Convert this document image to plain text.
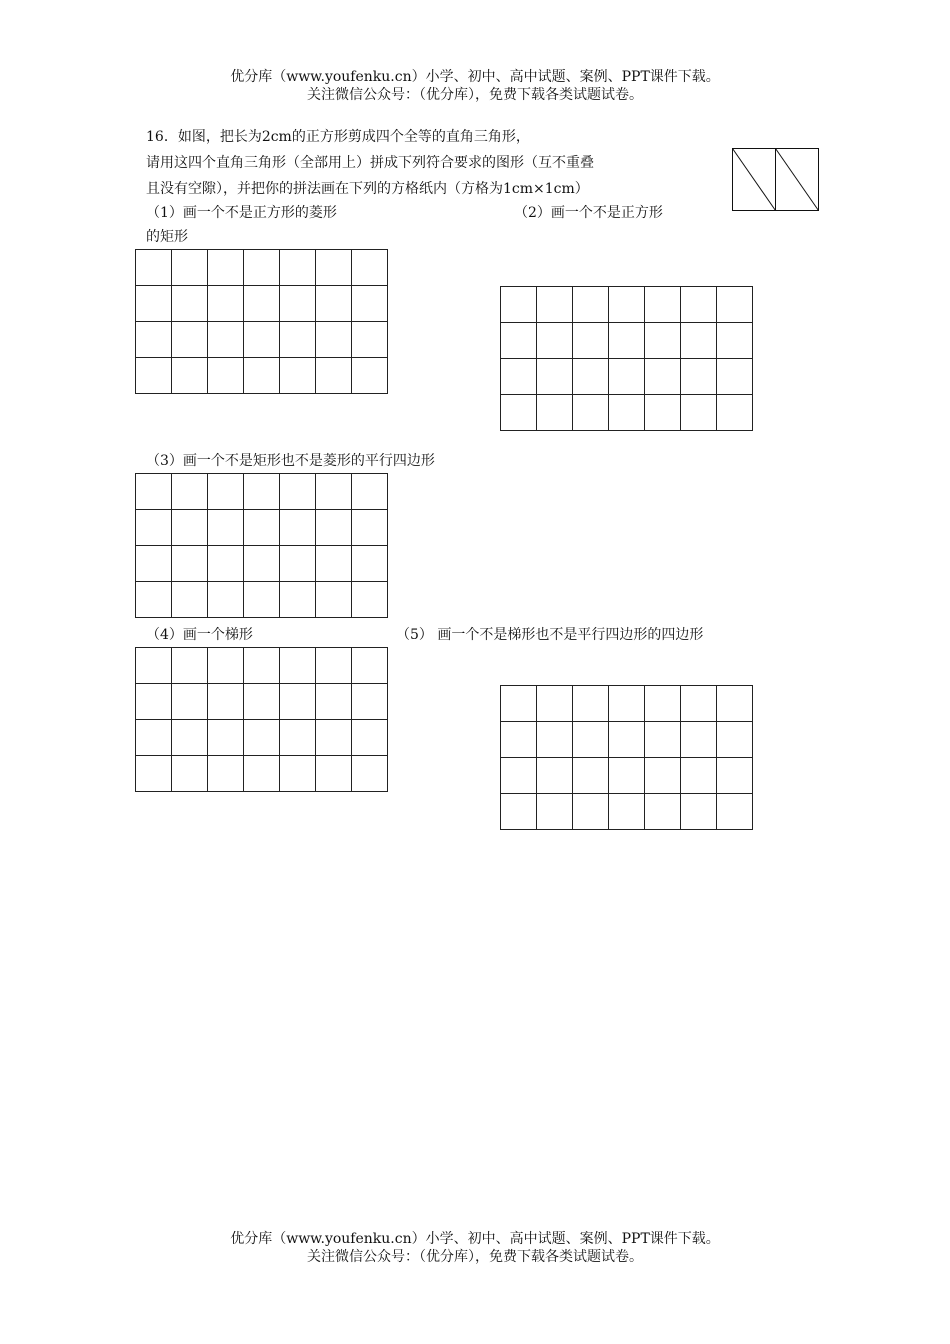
优分库（www.youfenku.cn）小学、初中、高中试题、案例、PPT课件下载。
关注微信公众号：（优分库），免费下载各类试题试卷。
16．如图，把长为2cm的正方形剪成四个全等的直角三角形，
请用这四个直角三角形（全部用上）拼成下列符合要求的图形（互不重叠
且没有空隙），并把你的拼法画在下列的方格纸内（方格为1cm×1cm）
（1）画一个不是正方形的菱形	（2）画一个不是正方形
的矩形

（3）画一个不是矩形也不是菱形的平行四边形

（4）画一个梯形	（5） 画一个不是梯形也不是平行四边形的四边形

优分库（www.youfenku.cn）小学、初中、高中试题、案例、PPT课件下载。
关注微信公众号：（优分库），免费下载各类试题试卷。
